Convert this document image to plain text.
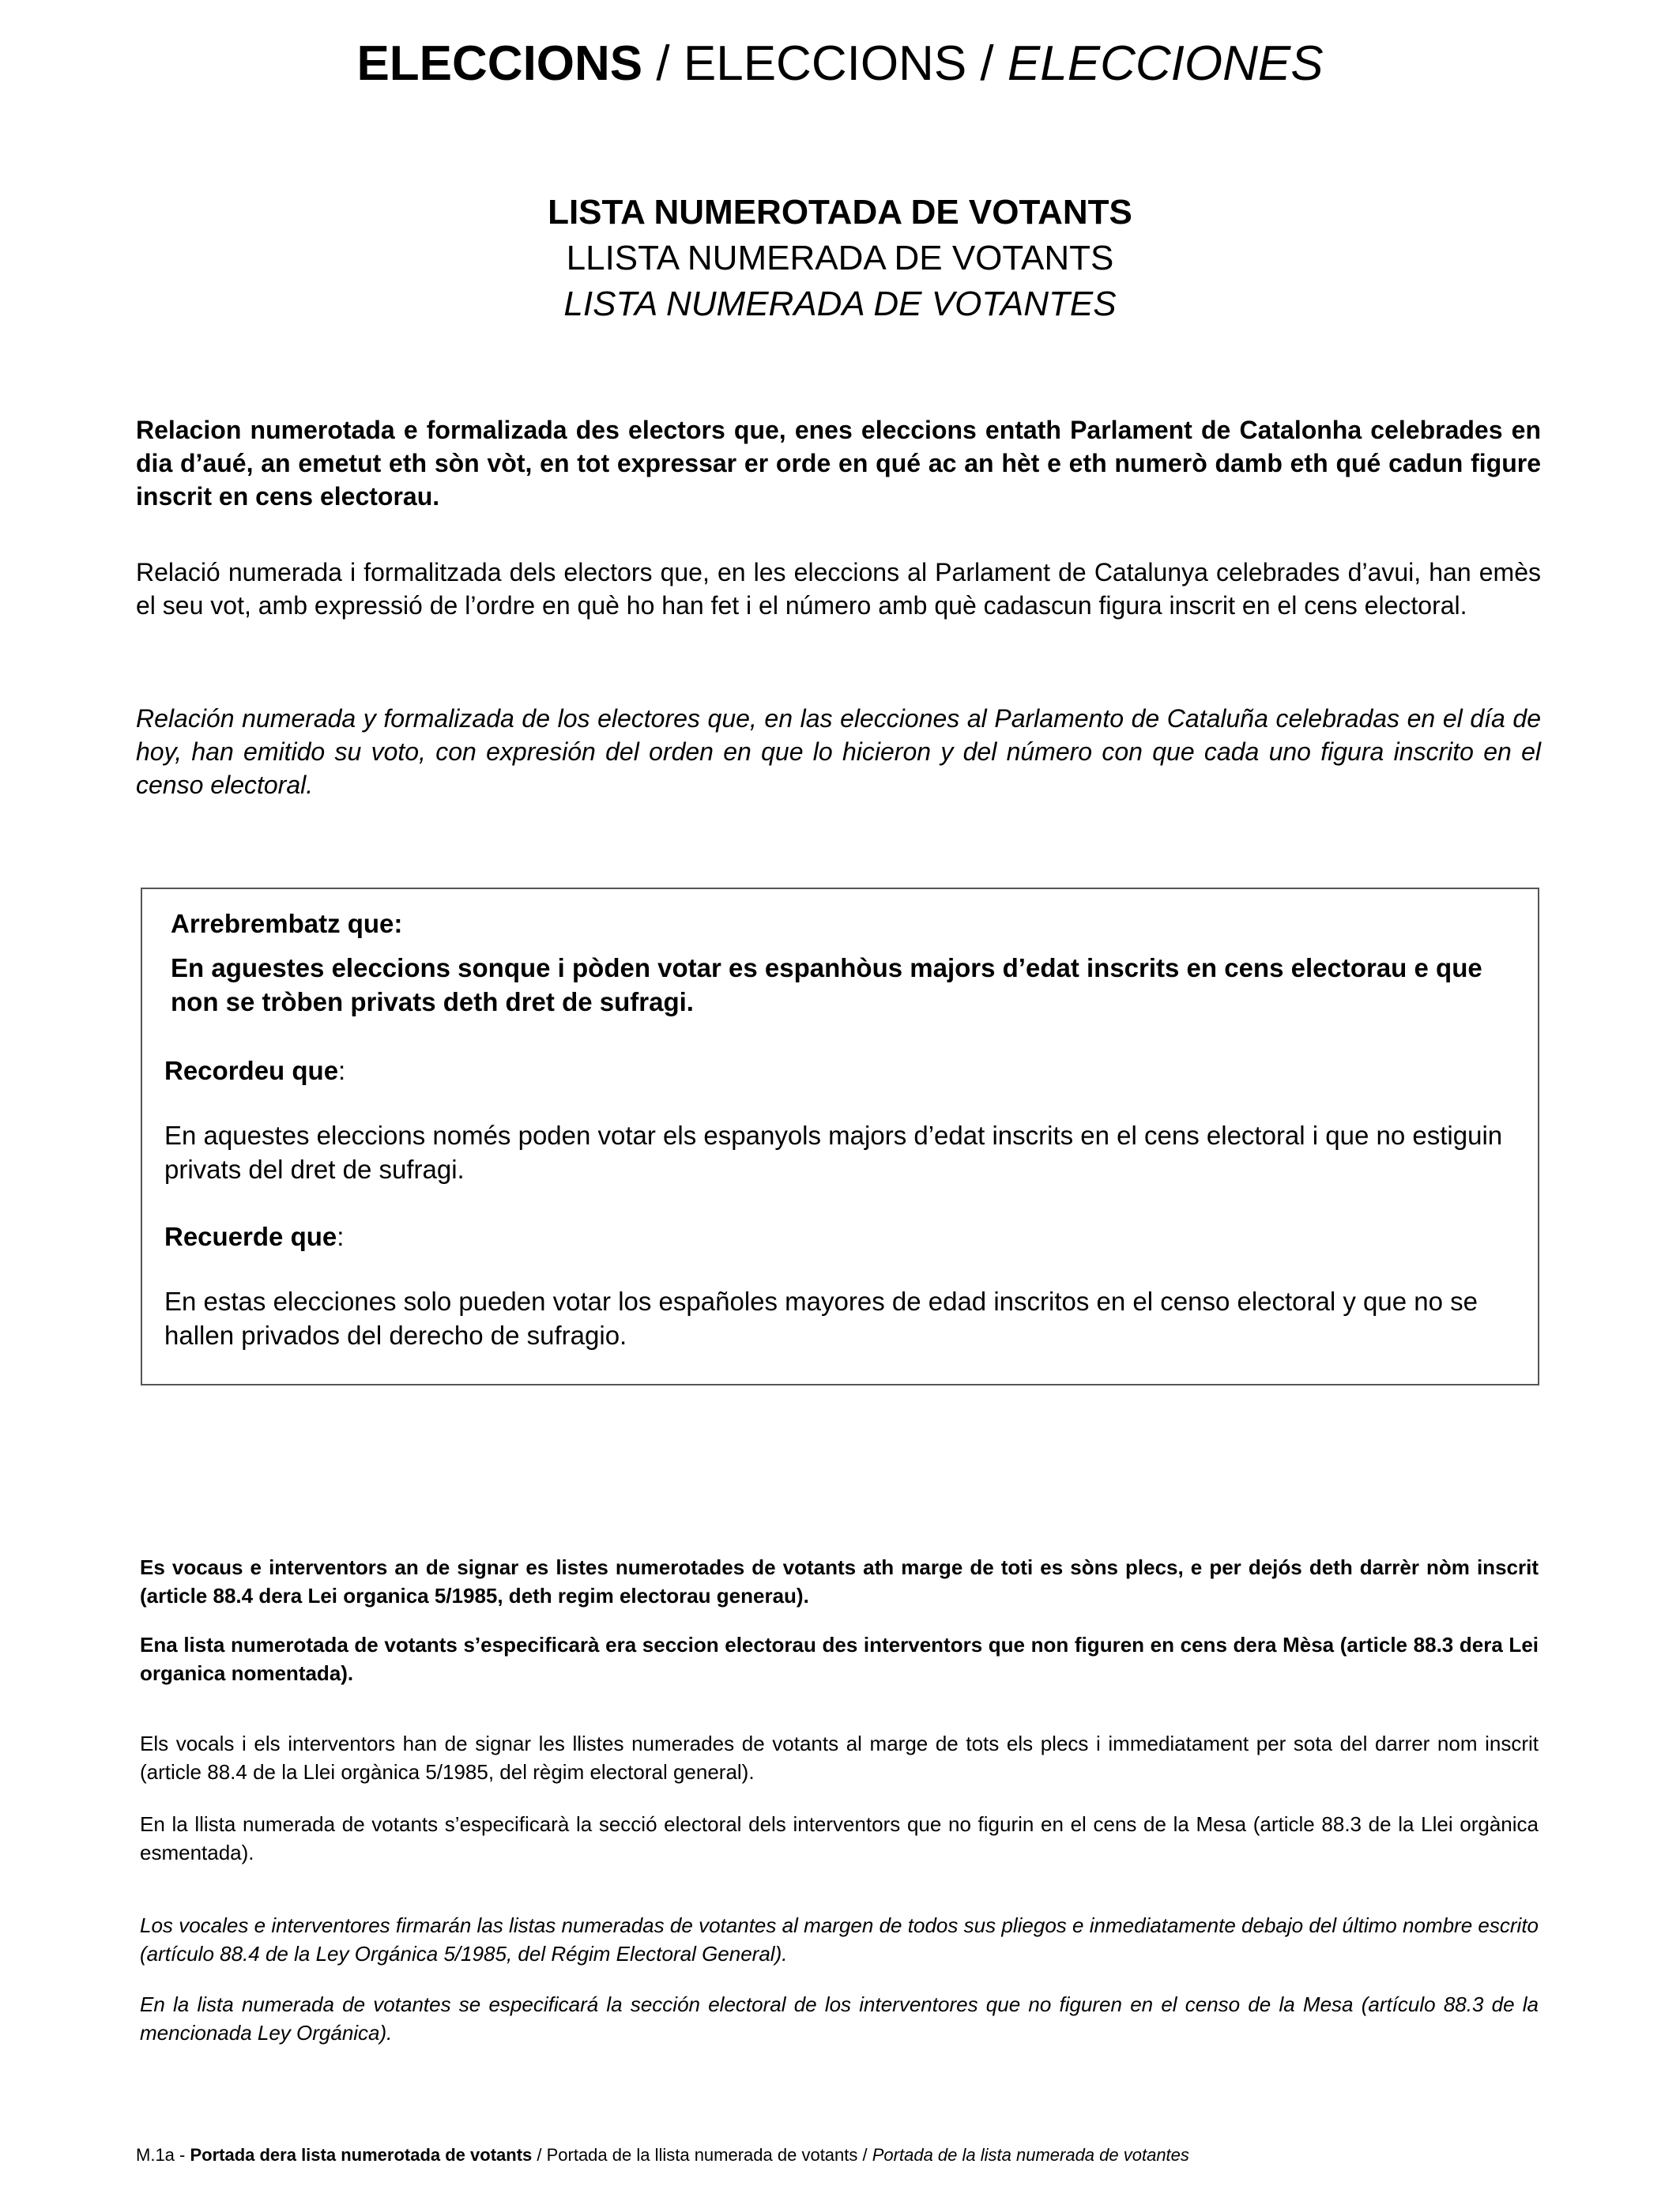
ELECCIONS / ELECCIONS / ELECCIONES
LISTA NUMEROTADA DE VOTANTS
LLISTA NUMERADA DE VOTANTS
LISTA NUMERADA DE VOTANTES
Relacion numerotada e formalizada des electors que, enes eleccions entath Parlament de Catalonha celebrades en dia d’aué, an emetut eth sòn vòt, en tot expressar er orde en qué ac an hèt e eth numerò damb eth qué cadun figure inscrit en cens electorau.
Relació numerada i formalitzada dels electors que, en les eleccions al Parlament de Catalunya celebrades d’avui, han emès el seu vot, amb expressió de l’ordre en què ho han fet i el número amb què cadascun figura inscrit en el cens electoral.
Relación numerada y formalizada de los electores que, en las elecciones al Parlamento de Cataluña celebradas en el día de hoy, han emitido su voto, con expresión del orden en que lo hicieron y del número con que cada uno figura inscrito en el censo electoral.
Arrebrembatz que:
En aguestes eleccions sonque i pòden votar es espanhòus majors d’edat inscrits en cens electorau e que non se tròben privats deth dret de sufragi.
Recordeu que:
En aquestes eleccions només poden votar els espanyols majors d’edat inscrits en el cens electoral i que no estiguin privats del dret de sufragi.
Recuerde que:
En estas elecciones solo pueden votar los españoles mayores de edad inscritos en el censo electoral y que no se hallen privados del derecho de sufragio.
Es vocaus e interventors an de signar es listes numerotades de votants ath marge de toti es sòns plecs, e per dejós deth darrèr nòm inscrit (article 88.4 dera Lei organica 5/1985, deth regim electorau generau).
Ena lista numerotada de votants s’especificarà era seccion electorau des interventors que non figuren en cens dera Mèsa (article 88.3 dera Lei organica nomentada).
Els vocals i els interventors han de signar les llistes numerades de votants al marge de tots els plecs i immediatament per sota del darrer nom inscrit (article 88.4 de la Llei orgànica 5/1985, del règim electoral general).
En la llista numerada de votants s’especificarà la secció electoral dels interventors que no figurin en el cens de la Mesa (article 88.3 de la Llei orgànica esmentada).
Los vocales e interventores firmarán las listas numeradas de votantes al margen de todos sus pliegos e inmediatamente debajo del último nombre escrito (artículo 88.4 de la Ley Orgánica 5/1985, del Régim Electoral General).
En la lista numerada de votantes se especificará la sección electoral de los interventores que no figuren en el censo de la Mesa (artículo 88.3 de la mencionada Ley Orgánica).
M.1a - Portada dera lista numerotada de votants / Portada de la llista numerada de votants / Portada de la lista numerada de votantes
